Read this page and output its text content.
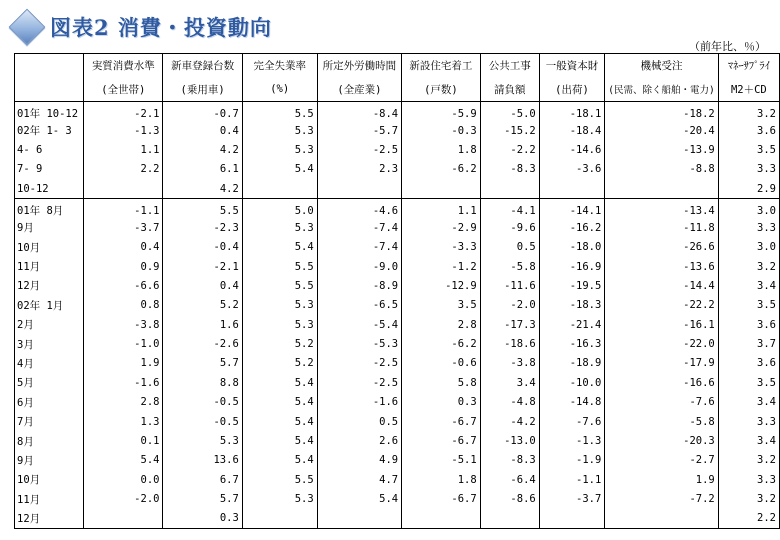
図表2 消費・投資動向
（前年比、％）
	実質消費水準	新車登録台数	完全失業率	所定外労働時間	新設住宅着工	公共工事	一般資本財	機械受注	ﾏﾈｰｻﾌﾟﾗｲ
	(全世帯)	(乗用車)	(%)	(全産業)	(戸数)	請負額	(出荷)	(民需、除く船舶・電力)	M2＋CD
01年 10-12	-2.1	-0.7	5.5	-8.4	-5.9	-5.0	-18.1	-18.2	3.2
02年 1- 3	-1.3	0.4	5.3	-5.7	-0.3	-15.2	-18.4	-20.4	3.6
4- 6	1.1	4.2	5.3	-2.5	1.8	-2.2	-14.6	-13.9	3.5
7- 9	2.2	6.1	5.4	2.3	-6.2	-8.3	-3.6	-8.8	3.3
10-12		4.2							2.9
01年 8月	-1.1	5.5	5.0	-4.6	1.1	-4.1	-14.1	-13.4	3.0
9月	-3.7	-2.3	5.3	-7.4	-2.9	-9.6	-16.2	-11.8	3.3
10月	0.4	-0.4	5.4	-7.4	-3.3	0.5	-18.0	-26.6	3.0
11月	0.9	-2.1	5.5	-9.0	-1.2	-5.8	-16.9	-13.6	3.2
12月	-6.6	0.4	5.5	-8.9	-12.9	-11.6	-19.5	-14.4	3.4
02年 1月	0.8	5.2	5.3	-6.5	3.5	-2.0	-18.3	-22.2	3.5
2月	-3.8	1.6	5.3	-5.4	2.8	-17.3	-21.4	-16.1	3.6
3月	-1.0	-2.6	5.2	-5.3	-6.2	-18.6	-16.3	-22.0	3.7
4月	1.9	5.7	5.2	-2.5	-0.6	-3.8	-18.9	-17.9	3.6
5月	-1.6	8.8	5.4	-2.5	5.8	3.4	-10.0	-16.6	3.5
6月	2.8	-0.5	5.4	-1.6	0.3	-4.8	-14.8	-7.6	3.4
7月	1.3	-0.5	5.4	0.5	-6.7	-4.2	-7.6	-5.8	3.3
8月	0.1	5.3	5.4	2.6	-6.7	-13.0	-1.3	-20.3	3.4
9月	5.4	13.6	5.4	4.9	-5.1	-8.3	-1.9	-2.7	3.2
10月	0.0	6.7	5.5	4.7	1.8	-6.4	-1.1	1.9	3.3
11月	-2.0	5.7	5.3	5.4	-6.7	-8.6	-3.7	-7.2	3.2
12月		0.3							2.2
